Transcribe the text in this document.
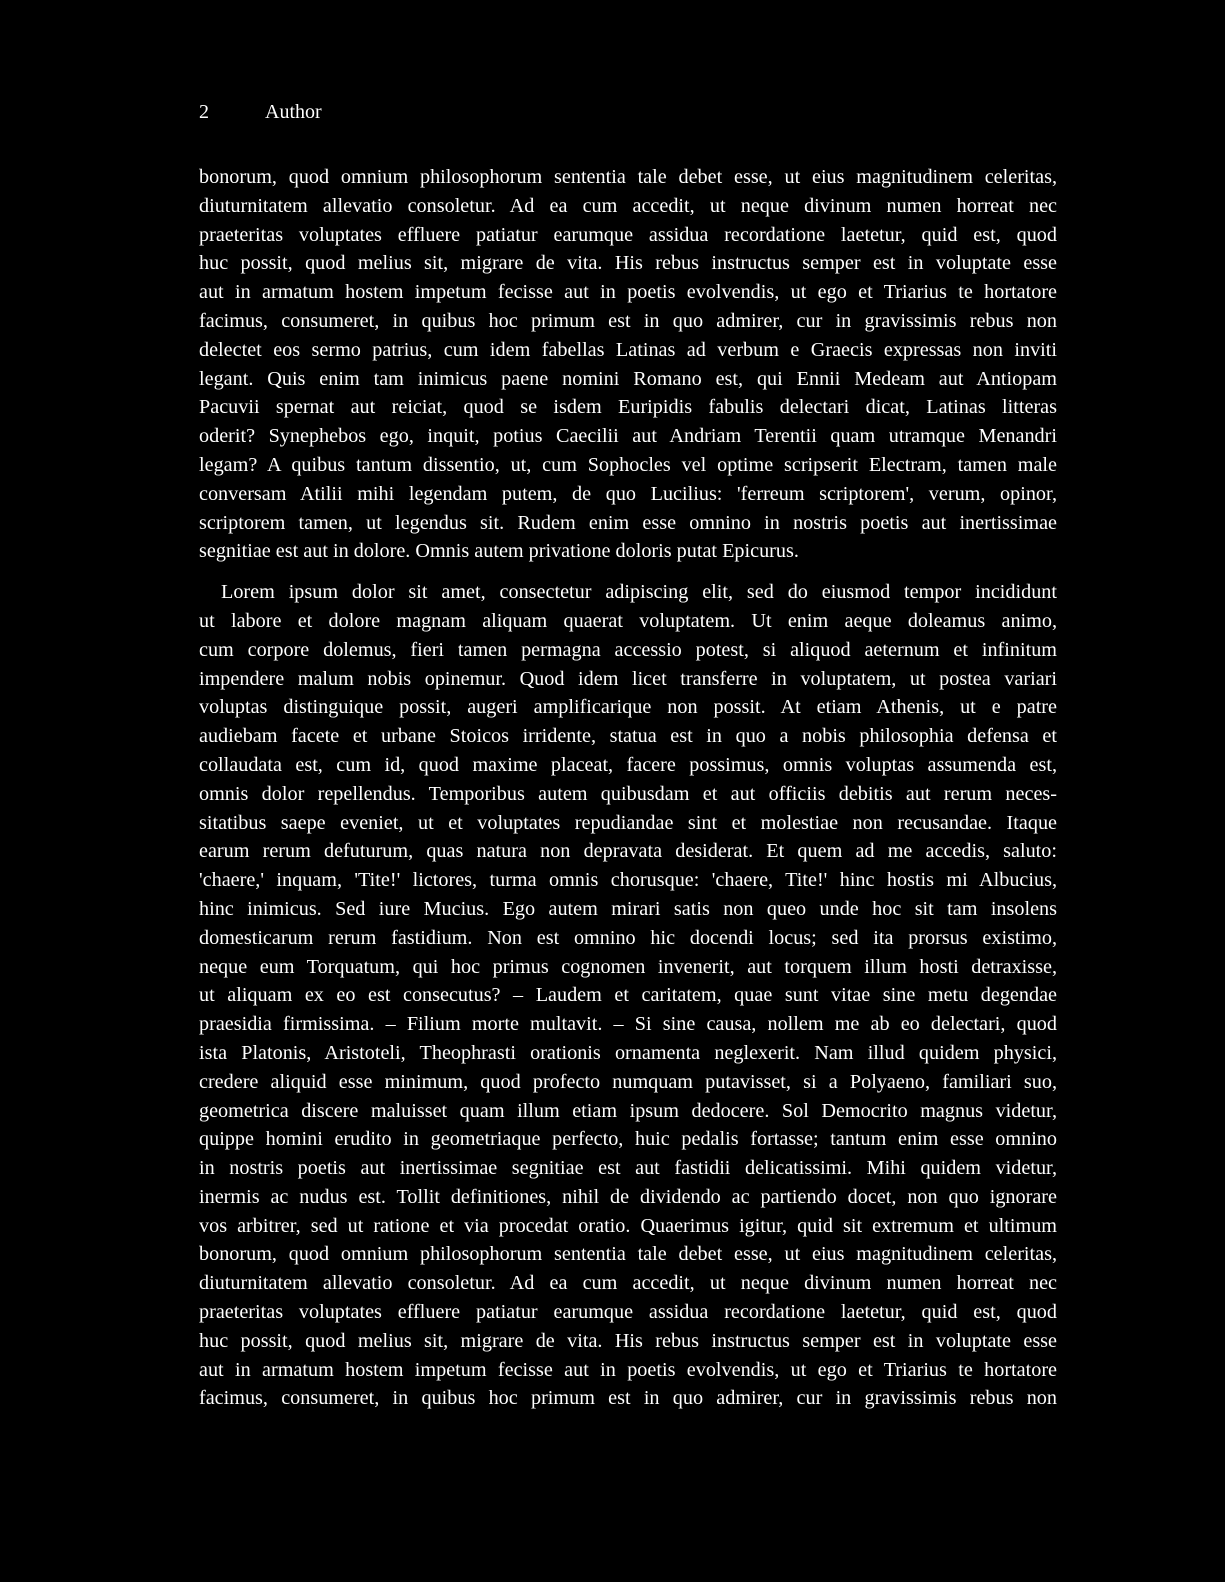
2	Author
bonorum, quod omnium philosophorum sententia tale debet esse, ut eius magnitudinem celeritas,
diuturnitatem allevatio consoletur. Ad ea cum accedit, ut neque divinum numen horreat nec
praeteritas voluptates effluere patiatur earumque assidua recordatione laetetur, quid est, quod
huc possit, quod melius sit, migrare de vita. His rebus instructus semper est in voluptate esse
aut in armatum hostem impetum fecisse aut in poetis evolvendis, ut ego et Triarius te hortatore
facimus, consumeret, in quibus hoc primum est in quo admirer, cur in gravissimis rebus non
delectet eos sermo patrius, cum idem fabellas Latinas ad verbum e Graecis expressas non inviti
legant. Quis enim tam inimicus paene nomini Romano est, qui Ennii Medeam aut Antiopam
Pacuvii spernat aut reiciat, quod se isdem Euripidis fabulis delectari dicat, Latinas litteras
oderit? Synephebos ego, inquit, potius Caecilii aut Andriam Terentii quam utramque Menandri
legam? A quibus tantum dissentio, ut, cum Sophocles vel optime scripserit Electram, tamen male
conversam Atilii mihi legendam putem, de quo Lucilius: 'ferreum scriptorem', verum, opinor,
scriptorem tamen, ut legendus sit. Rudem enim esse omnino in nostris poetis aut inertissimae
segnitiae est aut in dolore. Omnis autem privatione doloris putat Epicurus.
Lorem ipsum dolor sit amet, consectetur adipiscing elit, sed do eiusmod tempor incididunt
ut labore et dolore magnam aliquam quaerat voluptatem. Ut enim aeque doleamus animo,
cum corpore dolemus, fieri tamen permagna accessio potest, si aliquod aeternum et infinitum
impendere malum nobis opinemur. Quod idem licet transferre in voluptatem, ut postea variari
voluptas distinguique possit, augeri amplificarique non possit. At etiam Athenis, ut e patre
audiebam facete et urbane Stoicos irridente, statua est in quo a nobis philosophia defensa et
collaudata est, cum id, quod maxime placeat, facere possimus, omnis voluptas assumenda est,
omnis dolor repellendus. Temporibus autem quibusdam et aut officiis debitis aut rerum neces-
sitatibus saepe eveniet, ut et voluptates repudiandae sint et molestiae non recusandae. Itaque
earum rerum defuturum, quas natura non depravata desiderat. Et quem ad me accedis, saluto:
'chaere,' inquam, 'Tite!' lictores, turma omnis chorusque: 'chaere, Tite!' hinc hostis mi Albucius,
hinc inimicus. Sed iure Mucius. Ego autem mirari satis non queo unde hoc sit tam insolens
domesticarum rerum fastidium. Non est omnino hic docendi locus; sed ita prorsus existimo,
neque eum Torquatum, qui hoc primus cognomen invenerit, aut torquem illum hosti detraxisse,
ut aliquam ex eo est consecutus? – Laudem et caritatem, quae sunt vitae sine metu degendae
praesidia firmissima. – Filium morte multavit. – Si sine causa, nollem me ab eo delectari, quod
ista Platonis, Aristoteli, Theophrasti orationis ornamenta neglexerit. Nam illud quidem physici,
credere aliquid esse minimum, quod profecto numquam putavisset, si a Polyaeno, familiari suo,
geometrica discere maluisset quam illum etiam ipsum dedocere. Sol Democrito magnus videtur,
quippe homini erudito in geometriaque perfecto, huic pedalis fortasse; tantum enim esse omnino
in nostris poetis aut inertissimae segnitiae est aut fastidii delicatissimi. Mihi quidem videtur,
inermis ac nudus est. Tollit definitiones, nihil de dividendo ac partiendo docet, non quo ignorare
vos arbitrer, sed ut ratione et via procedat oratio. Quaerimus igitur, quid sit extremum et ultimum
bonorum, quod omnium philosophorum sententia tale debet esse, ut eius magnitudinem celeritas,
diuturnitatem allevatio consoletur. Ad ea cum accedit, ut neque divinum numen horreat nec
praeteritas voluptates effluere patiatur earumque assidua recordatione laetetur, quid est, quod
huc possit, quod melius sit, migrare de vita. His rebus instructus semper est in voluptate esse
aut in armatum hostem impetum fecisse aut in poetis evolvendis, ut ego et Triarius te hortatore
facimus, consumeret, in quibus hoc primum est in quo admirer, cur in gravissimis rebus non
